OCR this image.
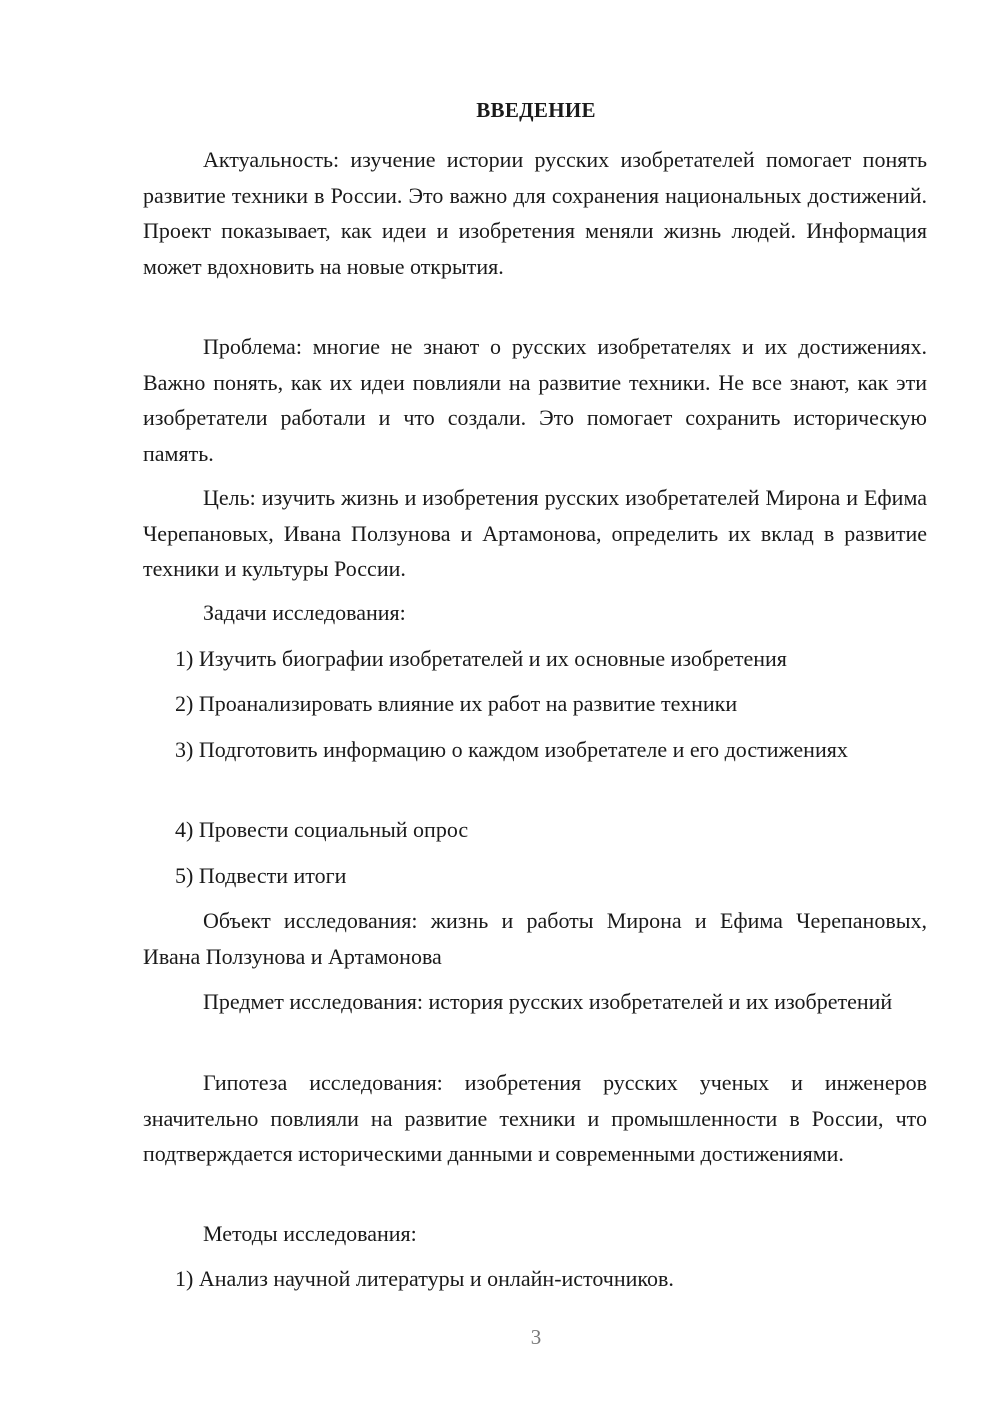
ВВЕДЕНИЕ

Актуальность: изучение истории русских изобретателей помогает понять развитие техники в России. Это важно для сохранения национальных достижений. Проект показывает, как идеи и изобретения меняли жизнь людей. Информация может вдохновить на новые открытия.

Проблема: многие не знают о русских изобретателях и их достижениях. Важно понять, как их идеи повлияли на развитие техники. Не все знают, как эти изобретатели работали и что создали. Это помогает сохранить историческую память.

Цель: изучить жизнь и изобретения русских изобретателей Мирона и Ефима Черепановых, Ивана Ползунова и Артамонова, определить их вклад в развитие техники и культуры России.

Задачи исследования:

1) Изучить биографии изобретателей и их основные изобретения

2) Проанализировать влияние их работ на развитие техники

3) Подготовить информацию о каждом изобретателе и его достижениях

4) Провести социальный опрос

5) Подвести итоги

Объект исследования: жизнь и работы Мирона и Ефима Черепановых, Ивана Ползунова и Артамонова

Предмет исследования: история русских изобретателей и их изобретений

Гипотеза исследования: изобретения русских ученых и инженеров значительно повлияли на развитие техники и промышленности в России, что подтверждается историческими данными и современными достижениями.

Методы исследования:

1) Анализ научной литературы и онлайн-источников.

3
